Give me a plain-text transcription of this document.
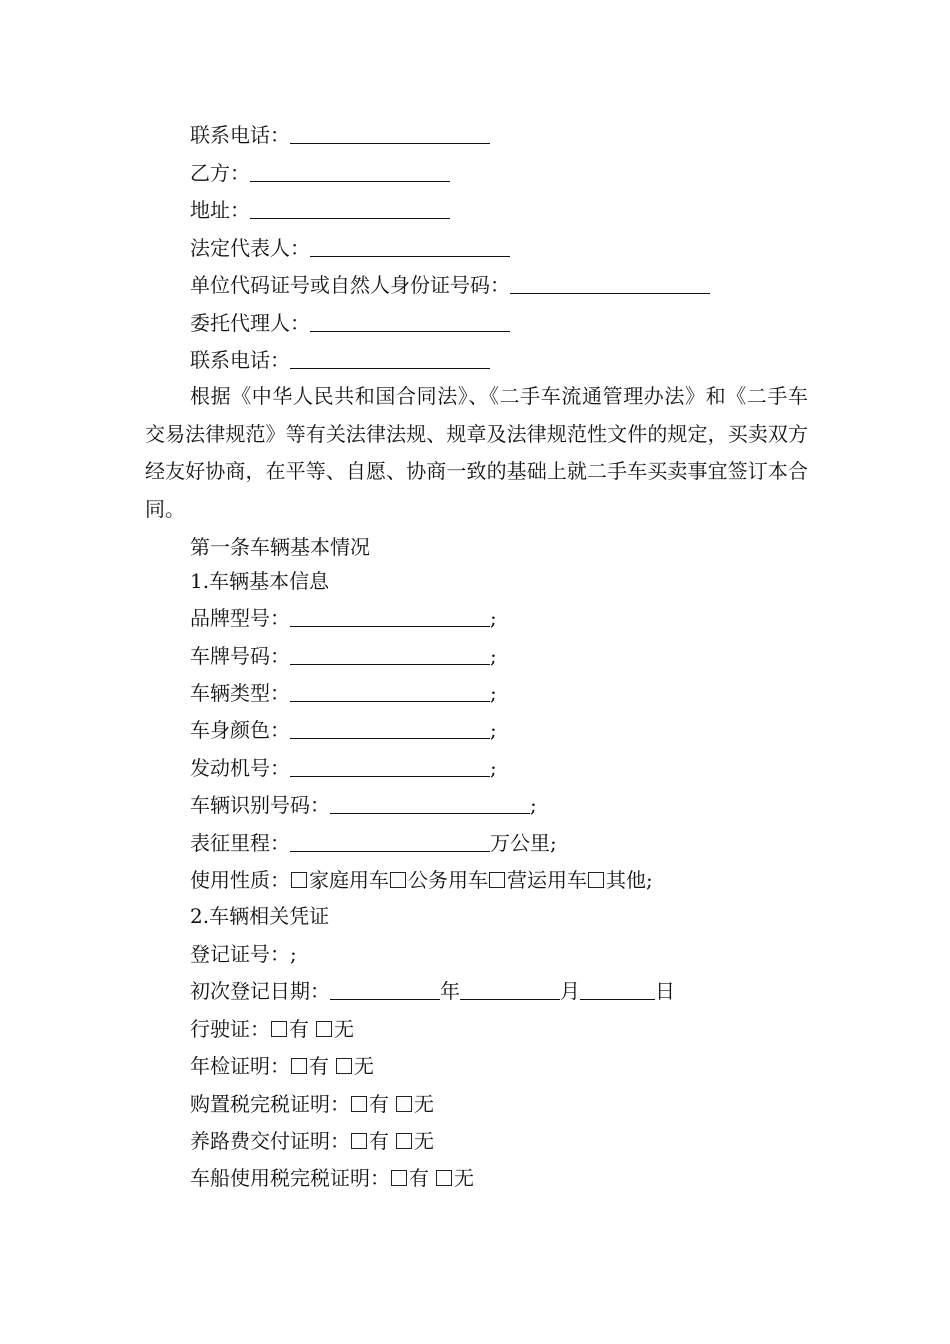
联系电话：
乙方：
地址：
法定代表人：
单位代码证号或自然人身份证号码：
委托代理人：
联系电话：
根据《中华人民共和国合同法》、《二手车流通管理办法》和《二手车交易法律规范》等有关法律法规、规章及法律规范性文件的规定，买卖双方经友好协商，在平等、自愿、协商一致的基础上就二手车买卖事宜签订本合同。
第一条车辆基本情况
1.车辆基本信息
品牌型号：	;
车牌号码：	;
车辆类型：	;
车身颜色：	;
发动机号：	;
车辆识别号码：	;
表征里程：	万公里;
使用性质： 家庭用车 公务用车 营运用车 其他;
2.车辆相关凭证
登记证号：;
初次登记日期：	年	月	日
行驶证： 有 无
年检证明： 有 无
购置税完税证明： 有 无
养路费交付证明： 有 无
车船使用税完税证明： 有 无
